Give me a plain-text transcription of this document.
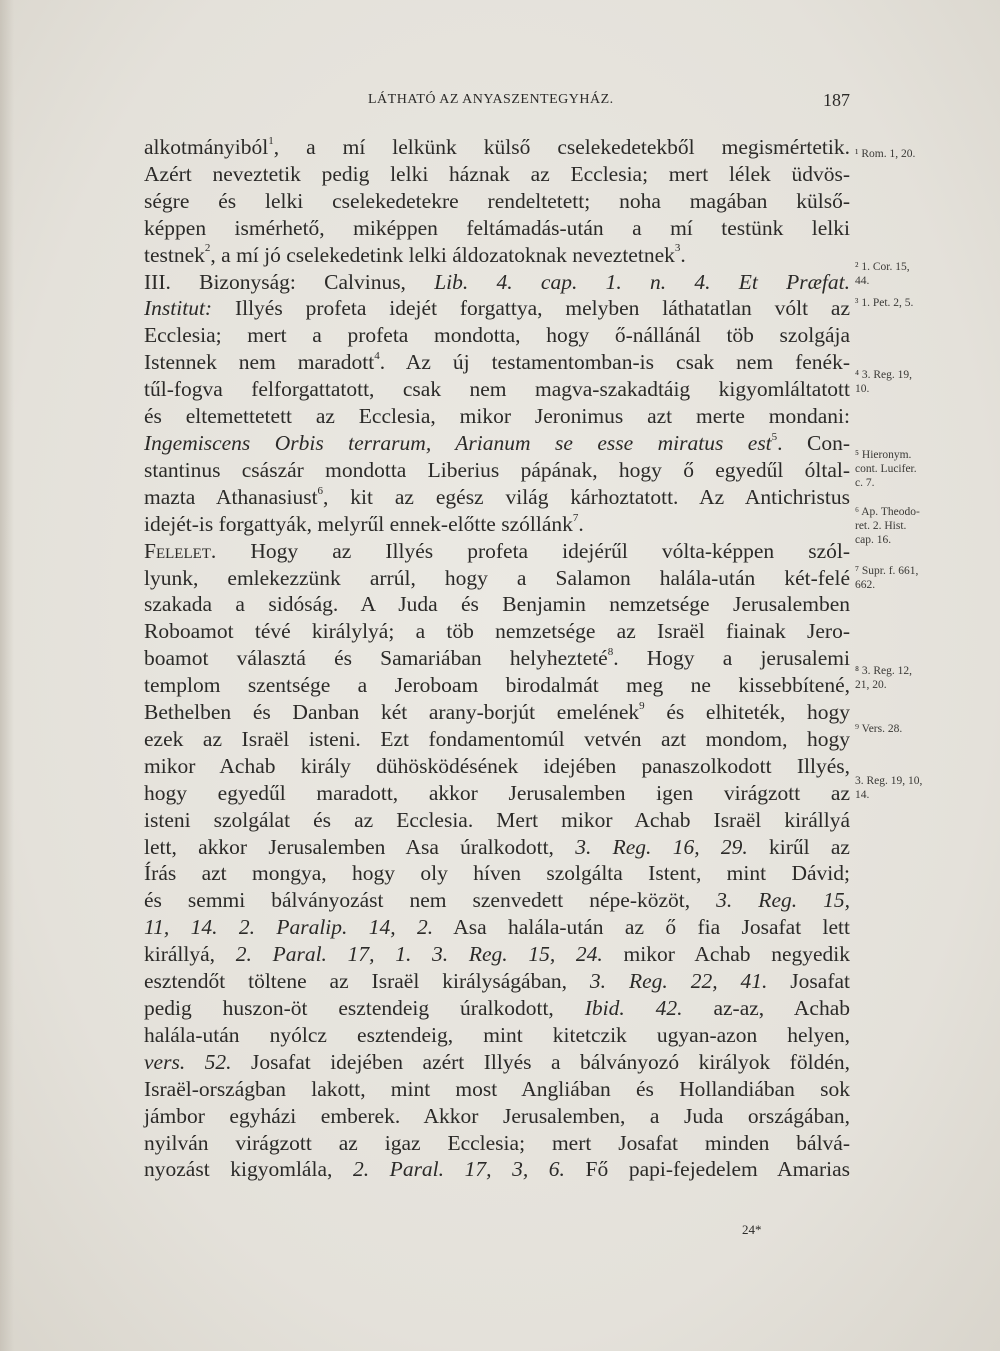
LÁTHATÓ AZ ANYASZENTEGYHÁZ.	187

alkotmányiból$^1$, a mí lelkünk külső cselekedetekből megismértetik.

Azért neveztetik pedig lelki háznak az Ecclesia; mert lélek üdvös-

ségre és lelki cselekedetekre rendeltetett; noha magában külső-

képpen ismérhető, miképpen feltámadás-után a mí testünk lelki

testnek$^2$, a mí jó cselekedetink lelki áldozatoknak neveztetnek$^3$.

III. Bizonyság: Calvinus, Lib. 4. cap. 1. n. 4. Et Præfat.

Institut: Illyés profeta idejét forgattya, melyben láthatatlan vólt az

Ecclesia; mert a profeta mondotta, hogy ő-nállánál töb szolgája

Istennek nem maradott$^4$. Az új testamentomban-is csak nem fenék-

tűl-fogva felforgattatott, csak nem magva-szakadtáig kigyomláltatott

és eltemettetett az Ecclesia, mikor Jeronimus azt merte mondani:

Ingemiscens Orbis terrarum, Arianum se esse miratus est$^5$. Con-

stantinus császár mondotta Liberius pápának, hogy ő egyedűl óltal-

mazta Athanasiust$^6$, kit az egész világ kárhoztatott. Az Antichristus

idejét-is forgattyák, melyrűl ennek-előtte szóllánk$^7$.

Felelet. Hogy az Illyés profeta idejérűl vólta-képpen szól-

lyunk, emlekezzünk arrúl, hogy a Salamon halála-után két-felé

szakada a sidóság. A Juda és Benjamin nemzetsége Jerusalemben

Roboamot tévé királylyá; a töb nemzetsége az Israël fiainak Jero-

boamot választá és Samariában helyhezteté$^8$. Hogy a jerusalemi

templom szentsége a Jeroboam birodalmát meg ne kissebbítené,

Bethelben és Danban két arany-borjút emelének$^9$ és elhiteték, hogy

ezek az Israël isteni. Ezt fondamentomúl vetvén azt mondom, hogy

mikor Achab király dühösködésének idejében panaszolkodott Illyés,

hogy egyedűl maradott, akkor Jerusalemben igen virágzott az

isteni szolgálat és az Ecclesia. Mert mikor Achab Israël királlyá

lett, akkor Jerusalemben Asa úralkodott, 3. Reg. 16, 29. kirűl az

Írás azt mongya, hogy oly híven szolgálta Istent, mint Dávid;

és semmi bálványozást nem szenvedett népe-közöt, 3. Reg. 15,

11, 14. 2. Paralip. 14, 2. Asa halála-után az ő fia Josafat lett

királlyá, 2. Paral. 17, 1. 3. Reg. 15, 24. mikor Achab negyedik

esztendőt töltene az Israël királyságában, 3. Reg. 22, 41. Josafat

pedig huszon-öt esztendeig úralkodott, Ibid. 42. az-az, Achab

halála-után nyólcz esztendeig, mint kitetczik ugyan-azon helyen,

vers. 52. Josafat idejében azért Illyés a bálványozó királyok földén,

Israël-országban lakott, mint most Angliában és Hollandiában sok

jámbor egyházi emberek. Akkor Jerusalemben, a Juda országában,

nyilván virágzott az igaz Ecclesia; mert Josafat minden bálvá-

nyozást kigyomlála, 2. Paral. 17, 3, 6. Fő papi-fejedelem Amarias

¹ Rom. 1, 20.
² 1. Cor. 15,
44.
³ 1. Pet. 2, 5.
⁴ 3. Reg. 19,
10.
⁵ Hieronym.
cont. Lucifer.
c. 7.
⁶ Ap. Theodo-
ret. 2. Hist.
cap. 16.
⁷ Supr. f. 661,
662.
⁸ 3. Reg. 12,
21, 20.
⁹ Vers. 28.
3. Reg. 19, 10,
14.
24*
